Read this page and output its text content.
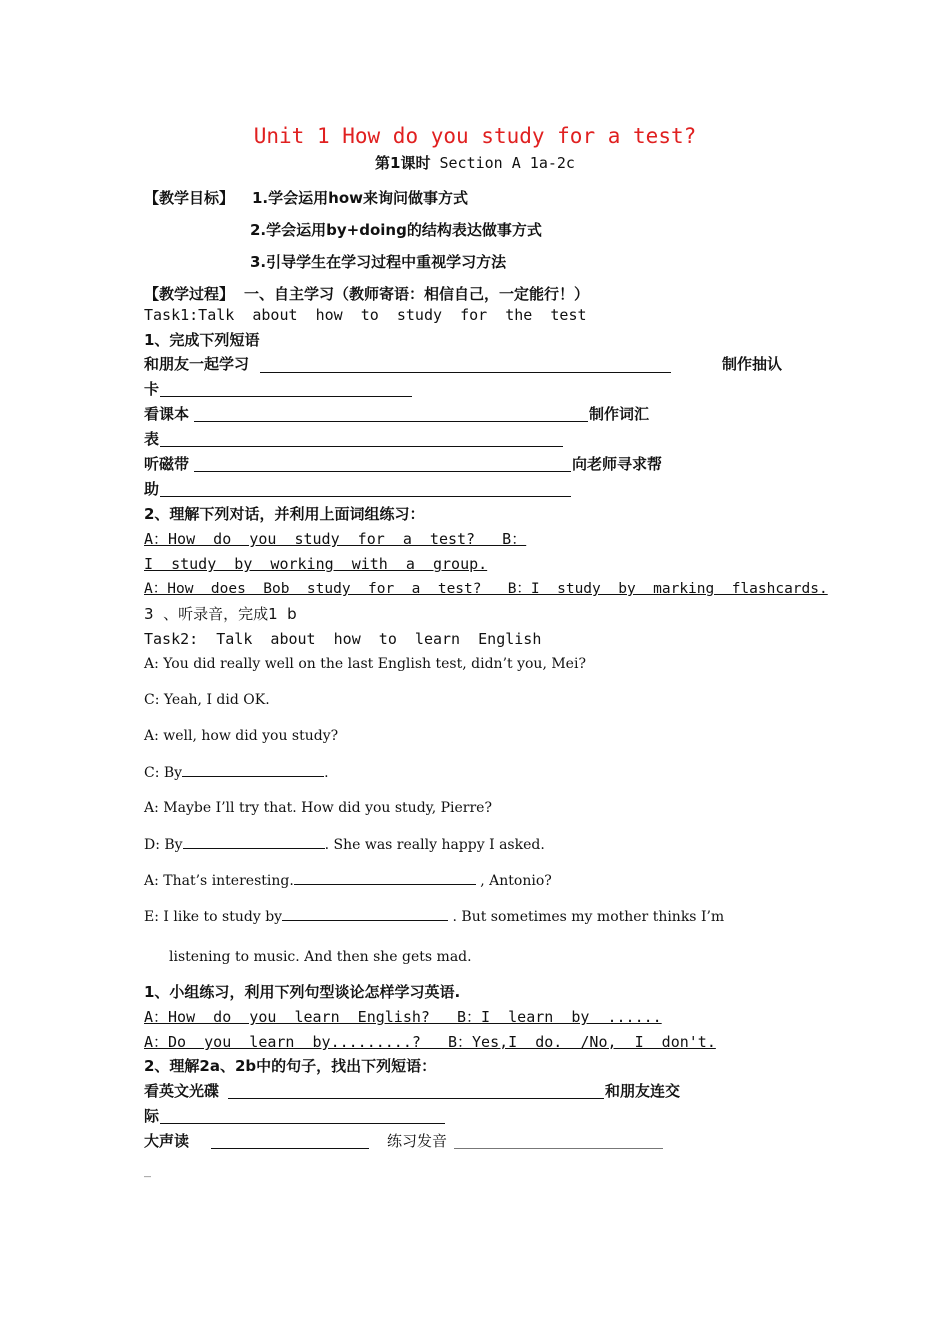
Unit 1 How do you study for a test?
第1课时 Section A 1a-2c
【教学目标】 1.学会运用how来询问做事方式
2.学会运用by+doing的结构表达做事方式
3.引导学生在学习过程中重视学习方法
【教学过程】 一、自主学习（教师寄语：相信自己，一定能行！）
Task1:Talk  about  how  to  study  for  the  test
1、完成下列短语
和朋友一起学习	制作抽认
卡
看课本	制作词汇
表
听磁带	向老师寻求帮
助
2、理解下列对话，并利用上面词组练习：
A：How  do  you  study  for  a  test?   B：
I  study  by  working  with  a  group.
A：How  does  Bob  study  for  a  test?   B：I  study  by  marking  flashcards.
3  、听录音，完成1  b
Task2:  Talk  about  how  to  learn  English
A: You did really well on the last English test, didn’t you, Mei?
C: Yeah, I did OK.
A: well, how did you study?
C: By	.
A: Maybe I’ll try that. How did you study, Pierre?
D: By	. She was really happy I asked.
A: That’s interesting.	, Antonio?
E: I like to study by	. But sometimes my mother thinks I’m
listening to music. And then she gets mad.
1、小组练习，利用下列句型谈论怎样学习英语.
A：How  do  you  learn  English?   B：I  learn  by  ......
A：Do  you  learn  by.........?   B：Yes,I  do.  /No,  I  don't.
2、理解2a、2b中的句子，找出下列短语：
看英文光碟	和朋友连交
际
大声读	练习发音
_
